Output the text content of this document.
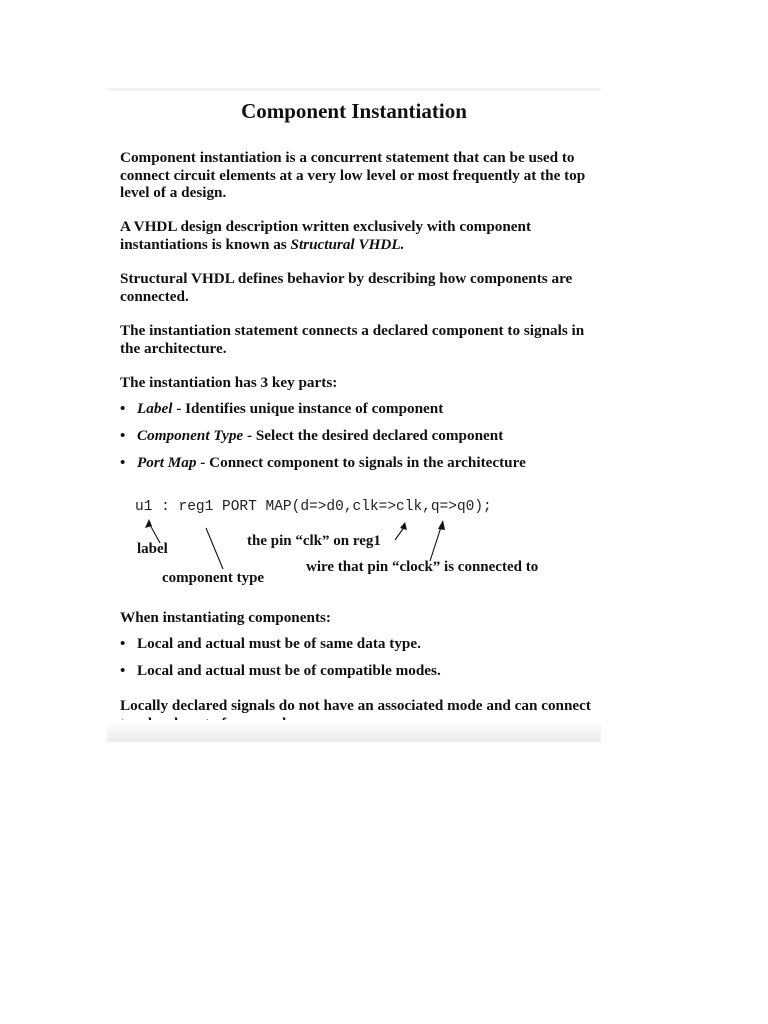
Component Instantiation
Component instantiation is a concurrent statement that can be used to connect circuit elements at a very low level or most frequently at the top level of a design.
A VHDL design description written exclusively with component instantiations is known as Structural VHDL.
Structural VHDL defines behavior by describing how components are connected.
The instantiation statement connects a declared component to signals in the architecture.
The instantiation has 3 key parts:
• Label - Identifies unique instance of component
• Component Type - Select the desired declared component
• Port Map - Connect component to signals in the architecture
u1 : reg1 PORT MAP(d=>d0,clk=>clk,q=>q0);
label	the pin “clk” on reg1
component type
wire that pin “clock” is connected to
When instantiating components:
• Local and actual must be of same data type.
• Local and actual must be of compatible modes.
Locally declared signals do not have an associated mode and can connect
